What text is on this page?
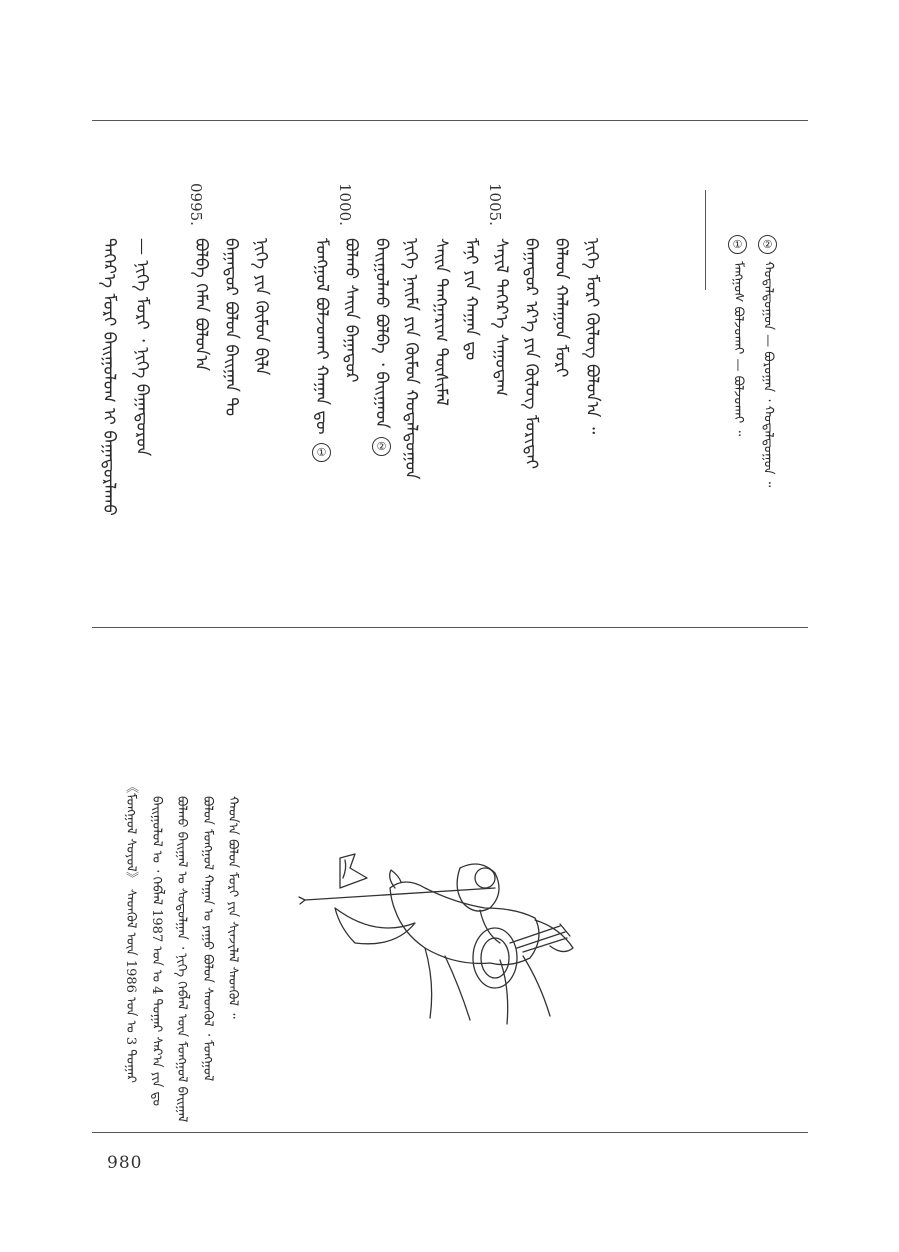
② ᠬᠣᠳᠠᠯᠳᠤᠭᠤᠨ — ᠪᠣᠷᠣᠭᠠᠨ ᠂ ᠬᠣᠳᠠᠯᠳᠤᠭᠤᠨ ᠃
① ᠮᠠᠩᠭᠤᠰ ᠪᠣᠯᠵᠤᠬᠠᠢ — ᠪᠣᠯᠵᠤᠬᠠᠢ ᠃
ᠨᠢᠭᠡ ᠮᠣᠷᠢ ᠬᠦᠯᠦᠭ ᠪᠣᠯᠤᠨ᠎ᠠ ᠃
ᠪᠠᠯᠠᠳ ᠬᠠᠯᠠᠭᠤᠨ ᠮᠣᠷᠢ
ᠪᠠᠭᠠᠳᠤᠷ ᠡᠷ᠎ᠡ ᠶᠢᠨ ᠬᠦᠯᠦᠭ ᠮᠣᠷᠢᠳᠠᠢ
ᠰᠡᠶᠢᠯ ᠳᠡᠭᠡᠷ᠎ᠡ ᠰᠠᠭᠤᠳᠠᠭ
ᠮᠠᠨᠢ ᠶᠢᠨ ᠬᠠᠭᠠᠨ ᠳᠣ
ᠰᠠᠢᠨ ᠲᠠᠩᠭᠠᠷᠢᠭ ᠲᠦᠰᠢᠮᠡᠯ
ᠨᠢᠭᠡ ᠨᠠᠢᠮᠠ ᠶᠢᠨ ᠬᠦᠮᠦᠨ ᠬᠣᠳᠠᠯᠳᠤᠭᠤᠨ
ᠪᠠᠢᠭᠤᠯᠬᠤ ᠪᠣᠯᠪᠠ ᠂ ᠪᠠᠢᠭᠠᠳ ②
ᠪᠣᠯᠬᠤ ᠰᠠᠢᠨ ᠪᠠᠭᠠᠲᠤᠷ
ᠮᠣᠩᠭᠣᠯ ᠪᠣᠯᠵᠤᠬᠠᠢ ᠬᠠᠭᠠᠨ ᠳᠦ ①
ᠨᠢᠭᠡ ᠶᠢᠨ ᠬᠦᠮᠦᠨ ᠪᠢᠯᠡ
ᠪᠠᠭᠠᠳᠤᠷ ᠪᠣᠯᠤᠨ ᠪᠠᠢᠭᠠᠨ ᠲᠤ
ᠪᠣᠯᠪᠠ ᠬᠡᠮᠡᠨ ᠪᠣᠯᠤᠨ᠎ᠠ
— ᠨᠢᠭᠡ ᠮᠣᠷᠢ ᠂ ᠨᠢᠭᠡ ᠪᠠᠭᠠᠲᠤᠷᠤᠨ
ᠳᠡᠭᠡᠷ᠎ᠡ ᠮᠣᠷᠢ ᠪᠠᠢᠭᠤᠯᠤᠭ ᠢ ᠪᠠᠭᠠᠳᠤᠷᠯᠠᠬᠤ
1005.
1000.
0995.
ᠬᠠᠳ᠎ᠠ ᠪᠣᠯᠤᠨ ᠮᠣᠷᠢ ᠶᠢᠨ ᠰᠢᠨᠵᠢᠯᠡᠯ ᠰᠡᠳᠭᠦᠯ ᠃
ᠪᠣᠯᠤᠨ ᠮᠣᠩᠭᠣᠯ ᠬᠠᠭᠠᠨ ᠤ ᠶᠠᠭᠤ ᠪᠣᠯᠤᠨ ᠰᠡᠳᠭᠦᠯ ᠂ ᠮᠣᠩᠭᠣᠯ
ᠪᠣᠯᠬᠤ ᠪᠠᠢᠭᠠᠯ ᠤ ᠰᠤᠳᠤᠯᠭᠠᠨ ᠂ ᠨᠢᠭᠡ ᠬᠡᠪᠯᠡᠯ ᠦᠨ ᠮᠣᠩᠭᠣᠯ ᠪᠠᠢᠭᠠᠯ
ᠪᠠᠢᠭᠤᠯᠤᠯ ᠤ ᠂ ᠬᠡᠪᠯᠡᠯ 1987 ᠣᠨ ᠤ 4 ᠳᠤᠭᠠᠷ ᠰᠠᠷ᠎ᠠ ᠶᠢᠨ ᠳᠤ
《ᠮᠣᠩᠭᠣᠯ ᠰᠣᠶᠣᠯ》 ᠰᠡᠳᠭᠦᠯ ᠦᠨ 1986 ᠣᠨ ᠤ 3 ᠳᠤᠭᠠᠷ
980
